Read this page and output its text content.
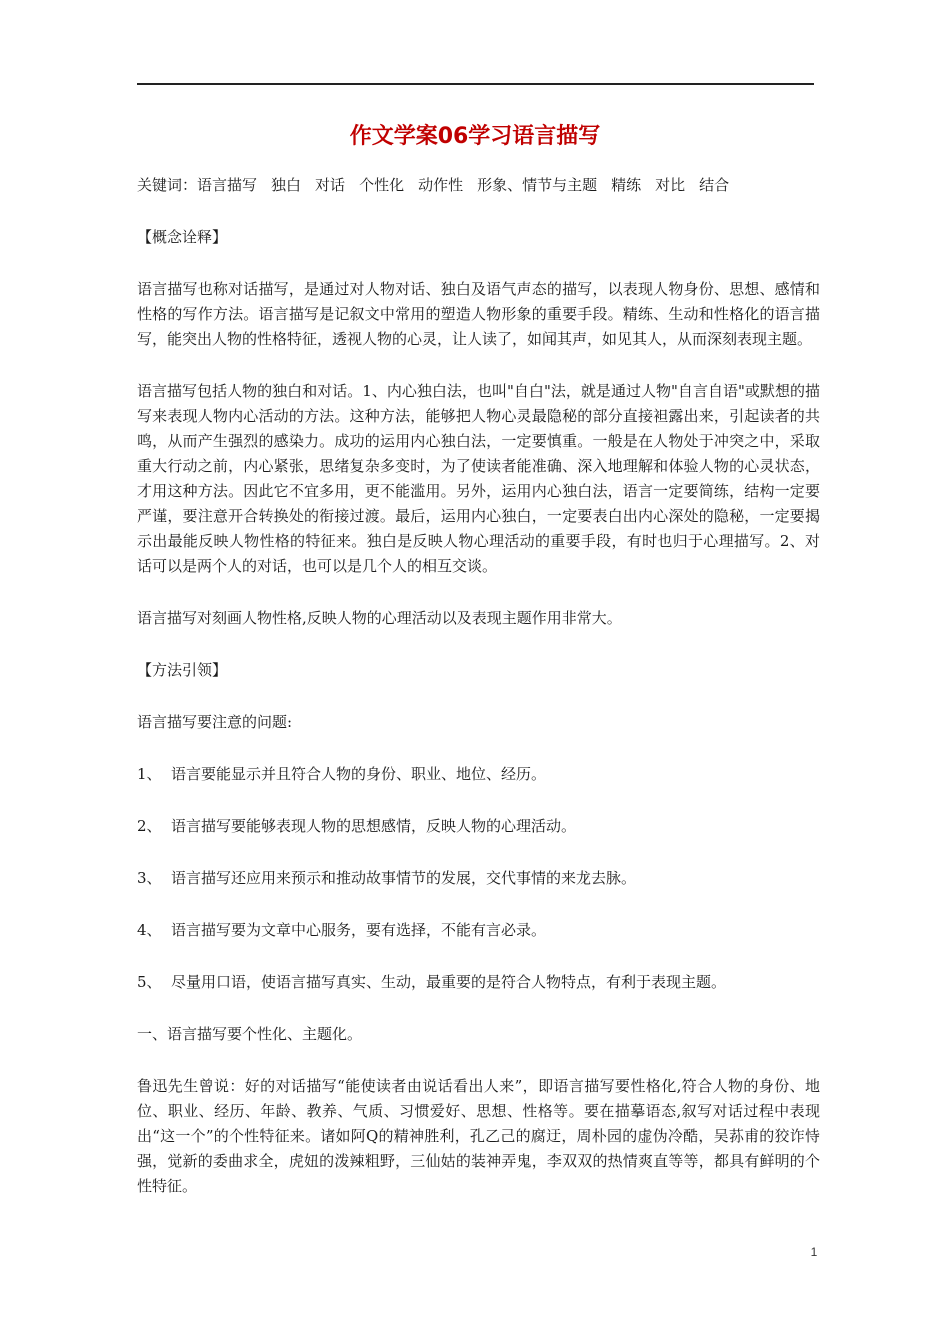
作文学案06学习语言描写

关键词：语言描写 独白 对话 个性化 动作性 形象、情节与主题 精练 对比 结合

【概念诠释】

语言描写也称对话描写，是通过对人物对话、独白及语气声态的描写，以表现人物身份、思想、感情和性格的写作方法。语言描写是记叙文中常用的塑造人物形象的重要手段。精练、生动和性格化的语言描写，能突出人物的性格特征，透视人物的心灵，让人读了，如闻其声，如见其人，从而深刻表现主题。

语言描写包括人物的独白和对话。1、内心独白法，也叫"自白"法，就是通过人物"自言自语"或默想的描写来表现人物内心活动的方法。这种方法，能够把人物心灵最隐秘的部分直接袒露出来，引起读者的共鸣，从而产生强烈的感染力。成功的运用内心独白法，一定要慎重。一般是在人物处于冲突之中，采取重大行动之前，内心紧张，思绪复杂多变时，为了使读者能准确、深入地理解和体验人物的心灵状态，才用这种方法。因此它不宜多用，更不能滥用。另外，运用内心独白法，语言一定要简练，结构一定要严谨，要注意开合转换处的衔接过渡。最后，运用内心独白，一定要表白出内心深处的隐秘，一定要揭示出最能反映人物性格的特征来。独白是反映人物心理活动的重要手段，有时也归于心理描写。2、对话可以是两个人的对话，也可以是几个人的相互交谈。

语言描写对刻画人物性格,反映人物的心理活动以及表现主题作用非常大。

【方法引领】

语言描写要注意的问题:

1、 语言要能显示并且符合人物的身份、职业、地位、经历。
2、 语言描写要能够表现人物的思想感情，反映人物的心理活动。
3、 语言描写还应用来预示和推动故事情节的发展，交代事情的来龙去脉。
4、 语言描写要为文章中心服务，要有选择，不能有言必录。
5、 尽量用口语，使语言描写真实、生动，最重要的是符合人物特点，有利于表现主题。

一、语言描写要个性化、主题化。

鲁迅先生曾说：好的对话描写“能使读者由说话看出人来”，即语言描写要性格化,符合人物的身份、地位、职业、经历、年龄、教养、气质、习惯爱好、思想、性格等。要在描摹语态,叙写对话过程中表现出“这一个”的个性特征来。诸如阿Q的精神胜利，孔乙己的腐迂，周朴园的虚伪冷酷，吴荪甫的狡诈恃强，觉新的委曲求全，虎妞的泼辣粗野，三仙姑的装神弄鬼，李双双的热情爽直等等，都具有鲜明的个性特征。

1
